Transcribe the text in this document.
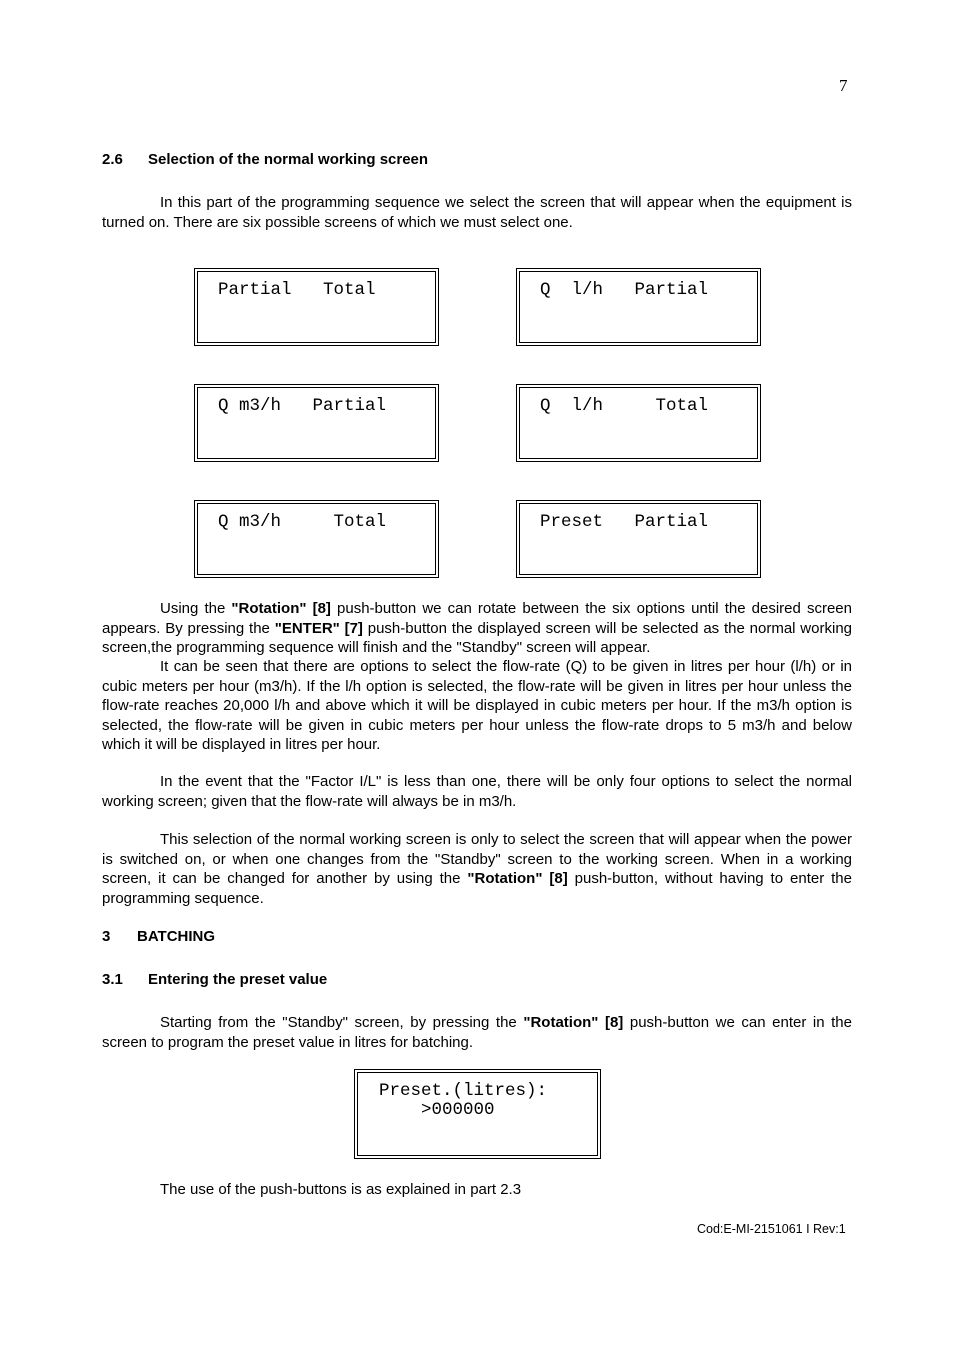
7
2.6 Selection of the normal working screen

In this part of the programming sequence we select the screen that will appear when the equipment is turned on. There are six possible screens of which we must select one.

Partial   Total	Q  l/h   Partial
Q m3/h   Partial	Q  l/h     Total
Q m3/h     Total	Preset   Partial

Using the "Rotation" [8] push-button we can rotate between the six options until the desired screen appears. By pressing the "ENTER" [7] push-button the displayed screen will be selected as the normal working screen,the programming sequence will finish and the "Standby" screen will appear.

It can be seen that there are options to select the flow-rate (Q) to be given in litres per hour (l/h) or in cubic meters per hour (m3/h). If the l/h option is selected, the flow-rate will be given in litres per hour unless the flow-rate reaches 20,000 l/h and above which it will be displayed in cubic meters per hour. If the m3/h option is selected, the flow-rate will be given in cubic meters per hour unless the flow-rate drops to 5 m3/h and below which it will be displayed in litres per hour.

In the event that the "Factor I/L" is less than one, there will be only four options to select the normal working screen; given that the flow-rate will always be in m3/h.

This selection of the normal working screen is only to select the screen that will appear when the power is switched on, or when one changes from the "Standby" screen to the working screen. When in a working screen, it can be changed for another by using the "Rotation" [8] push-button, without having to enter the programming sequence.

3 BATCHING
3.1 Entering the preset value

Starting from the "Standby" screen, by pressing the "Rotation" [8] push-button we can enter in the screen to program the preset value in litres for batching.

Preset.(litres):
>000000
The use of the push-buttons is as explained in part 2.3
Cod:E-MI-2151061 I Rev:1
